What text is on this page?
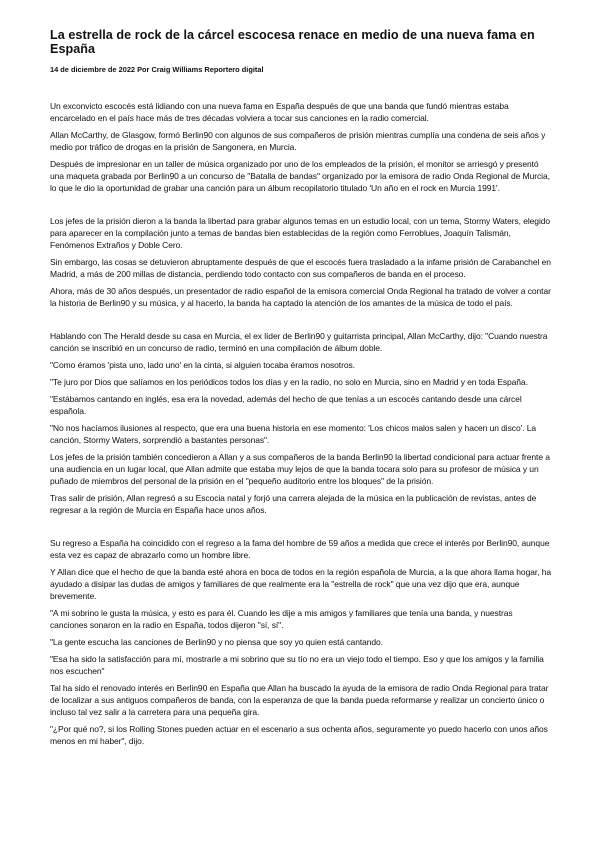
La estrella de rock de la cárcel escocesa renace en medio de una nueva fama en España
14 de diciembre de 2022 Por Craig Williams Reportero digital

Un exconvicto escocés está lidiando con una nueva fama en España después de que una banda que fundó mientras estaba encarcelado en el país hace más de tres décadas volviera a tocar sus canciones en la radio comercial.

Allan McCarthy, de Glasgow, formó Berlin90 con algunos de sus compañeros de prisión mientras cumplía una condena de seis años y medio por tráfico de drogas en la prisión de Sangonera, en Murcia.

Después de impresionar en un taller de música organizado por uno de los empleados de la prisión, el monitor se arriesgó y presentó una maqueta grabada por Berlin90 a un concurso de "Batalla de bandas" organizado por la emisora de radio Onda Regional de Murcia, lo que le dio la oportunidad de grabar una canción para un álbum recopilatorio titulado 'Un año en el rock en Murcia 1991'.

Los jefes de la prisión dieron a la banda la libertad para grabar algunos temas en un estudio local, con un tema, Stormy Waters, elegido para aparecer en la compilación junto a temas de bandas bien establecidas de la región como Ferroblues, Joaquín Talismán, Fenómenos Extraños y Doble Cero.

Sin embargo, las cosas se detuvieron abruptamente después de que el escocés fuera trasladado a la infame prisión de Carabanchel en Madrid, a más de 200 millas de distancia, perdiendo todo contacto con sus compañeros de banda en el proceso.

Ahora, más de 30 años después, un presentador de radio español de la emisora comercial Onda Regional ha tratado de volver a contar la historia de Berlin90 y su música, y al hacerlo, la banda ha captado la atención de los amantes de la música de todo el país.

Hablando con The Herald desde su casa en Murcia, el ex líder de Berlin90 y guitarrista principal, Allan McCarthy, dijo: "Cuando nuestra canción se inscribió en un concurso de radio, terminó en una compilación de álbum doble.

"Como éramos 'pista uno, lado uno' en la cinta, si alguien tocaba éramos nosotros.

"Te juro por Dios que salíamos en los periódicos todos los días y en la radio, no solo en Murcia, sino en Madrid y en toda España.

"Estábamos cantando en inglés, esa era la novedad, además del hecho de que tenías a un escocés cantando desde una cárcel española.

"No nos hacíamos ilusiones al respecto, que era una buena historia en ese momento: 'Los chicos malos salen y hacen un disco'. La canción, Stormy Waters, sorprendió a bastantes personas".

Los jefes de la prisión también concedieron a Allan y a sus compañeros de la banda Berlin90 la libertad condicional para actuar frente a una audiencia en un lugar local, que Allan admite que estaba muy lejos de que la banda tocara solo para su profesor de música y un puñado de miembros del personal de la prisión en el "pequeño auditorio entre los bloques" de la prisión.

Tras salir de prisión, Allan regresó a su Escocia natal y forjó una carrera alejada de la música en la publicación de revistas, antes de regresar a la región de Murcia en España hace unos años.

Su regreso a España ha coincidido con el regreso a la fama del hombre de 59 años a medida que crece el interés por Berlin90, aunque esta vez es capaz de abrazarlo como un hombre libre.

Y Allan dice que el hecho de que la banda esté ahora en boca de todos en la región española de Murcia, a la que ahora llama hogar, ha ayudado a disipar las dudas de amigos y familiares de que realmente era la "estrella de rock" que una vez dijo que era, aunque brevemente.

"A mi sobrino le gusta la música, y esto es para él. Cuando les dije a mis amigos y familiares que tenía una banda, y nuestras canciones sonaron en la radio en España, todos dijeron "sí, sí".

"La gente escucha las canciones de Berlin90 y no piensa que soy yo quien está cantando.

"Esa ha sido la satisfacción para mí, mostrarle a mi sobrino que su tío no era un viejo todo el tiempo. Eso y que los amigos y la familia nos escuchen"

Tal ha sido el renovado interés en Berlin90 en España que Allan ha buscado la ayuda de la emisora de radio Onda Regional para tratar de localizar a sus antiguos compañeros de banda, con la esperanza de que la banda pueda reformarse y realizar un concierto único o incluso tal vez salir a la carretera para una pequeña gira.

"¿Por qué no?, si los Rolling Stones pueden actuar en el escenario a sus ochenta años, seguramente yo puedo hacerlo con unos años menos en mi haber", dijo.
